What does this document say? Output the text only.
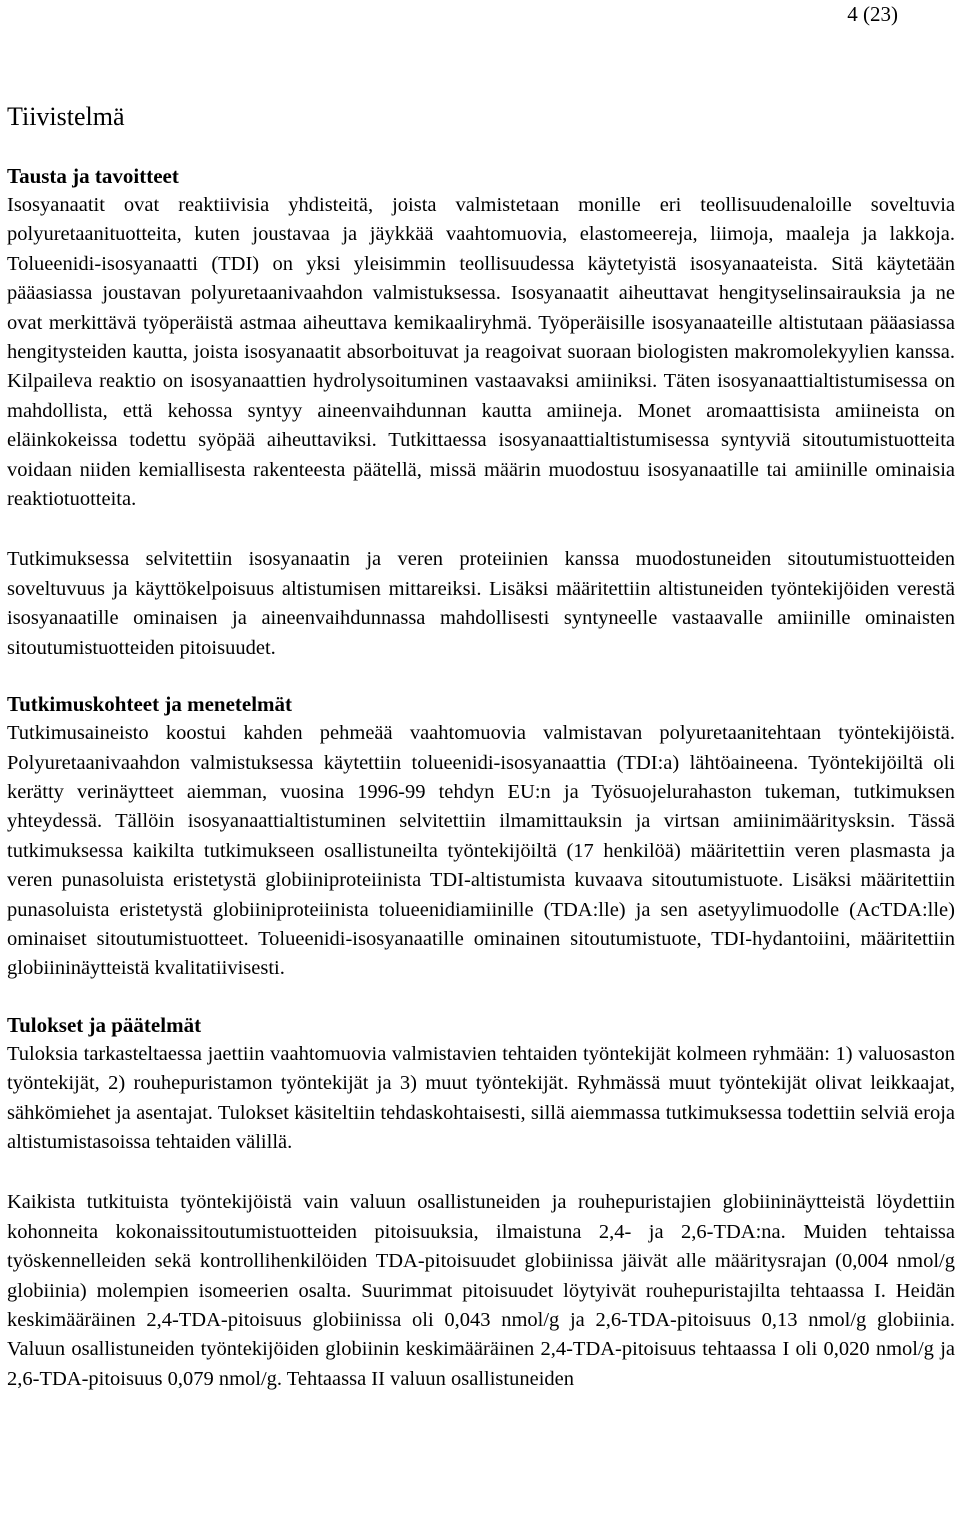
4 (23)
Tiivistelmä
Tausta ja tavoitteet

Isosyanaatit ovat reaktiivisia yhdisteitä, joista valmistetaan monille eri teollisuudenaloille soveltuvia polyuretaanituotteita, kuten joustavaa ja jäykkää vaahtomuovia, elastomeereja, liimoja, maaleja ja lakkoja. Tolueenidi-isosyanaatti (TDI) on yksi yleisimmin teollisuudessa käytetyistä isosyanaateista. Sitä käytetään pääasiassa joustavan polyuretaanivaahdon valmistuksessa. Isosyanaatit aiheuttavat hengityselinsairauksia ja ne ovat merkittävä työperäistä astmaa aiheuttava kemikaaliryhmä. Työperäisille isosyanaateille altistutaan pääasiassa hengitysteiden kautta, joista isosyanaatit absorboituvat ja reagoivat suoraan biologisten makromolekyylien kanssa. Kilpaileva reaktio on isosyanaattien hydrolysoituminen vastaavaksi amiiniksi. Täten isosyanaattialtistumisessa on mahdollista, että kehossa syntyy aineenvaihdunnan kautta amiineja. Monet aromaattisista amiineista on eläinkokeissa todettu syöpää aiheuttaviksi. Tutkittaessa isosyanaattialtistumisessa syntyviä sitoutumistuotteita voidaan niiden kemiallisesta rakenteesta päätellä, missä määrin muodostuu isosyanaatille tai amiinille ominaisia reaktiotuotteita.

Tutkimuksessa selvitettiin isosyanaatin ja veren proteiinien kanssa muodostuneiden sitoutumistuotteiden soveltuvuus ja käyttökelpoisuus altistumisen mittareiksi. Lisäksi määritettiin altistuneiden työntekijöiden verestä isosyanaatille ominaisen ja aineenvaihdunnassa mahdollisesti syntyneelle vastaavalle amiinille ominaisten sitoutumistuotteiden pitoisuudet.

Tutkimuskohteet ja menetelmät

Tutkimusaineisto koostui kahden pehmeää vaahtomuovia valmistavan polyuretaanitehtaan työntekijöistä. Polyuretaanivaahdon valmistuksessa käytettiin tolueenidi-isosyanaattia (TDI:a) lähtöaineena. Työntekijöiltä oli kerätty verinäytteet aiemman, vuosina 1996-99 tehdyn EU:n ja Työsuojelurahaston tukeman, tutkimuksen yhteydessä. Tällöin isosyanaattialtistuminen selvitettiin ilmamittauksin ja virtsan amiinimääritysksin. Tässä tutkimuksessa kaikilta tutkimukseen osallistuneilta työntekijöiltä (17 henkilöä) määritettiin veren plasmasta ja veren punasoluista eristetystä globiiniproteiinista TDI-altistumista kuvaava sitoutumistuote. Lisäksi määritettiin punasoluista eristetystä globiiniproteiinista tolueenidiamiinille (TDA:lle) ja sen asetyylimuodolle (AcTDA:lle) ominaiset sitoutumistuotteet. Tolueenidi-isosyanaatille ominainen sitoutumistuote, TDI-hydantoiini, määritettiin globiininäytteistä kvalitatiivisesti.

Tulokset ja päätelmät

Tuloksia tarkasteltaessa jaettiin vaahtomuovia valmistavien tehtaiden työntekijät kolmeen ryhmään: 1) valuosaston työntekijät, 2) rouhepuristamon työntekijät ja 3) muut työntekijät. Ryhmässä muut työntekijät olivat leikkaajat, sähkömiehet ja asentajat. Tulokset käsiteltiin tehdaskohtaisesti, sillä aiemmassa tutkimuksessa todettiin selviä eroja altistumistasoissa tehtaiden välillä.

Kaikista tutkituista työntekijöistä vain valuun osallistuneiden ja rouhepuristajien globiininäytteistä löydettiin kohonneita kokonaissitoutumistuotteiden pitoisuuksia, ilmaistuna 2,4- ja 2,6-TDA:na. Muiden tehtaissa työskennelleiden sekä kontrollihenkilöiden TDA-pitoisuudet globiinissa jäivät alle määritysrajan (0,004 nmol/g globiinia) molempien isomeerien osalta. Suurimmat pitoisuudet löytyivät rouhepuristajilta tehtaassa I. Heidän keskimääräinen 2,4-TDA-pitoisuus globiinissa oli 0,043 nmol/g ja 2,6-TDA-pitoisuus 0,13 nmol/g globiinia. Valuun osallistuneiden työntekijöiden globiinin keskimääräinen 2,4-TDA-pitoisuus tehtaassa I oli 0,020 nmol/g ja 2,6-TDA-pitoisuus 0,079 nmol/g. Tehtaassa II valuun osallistuneiden
